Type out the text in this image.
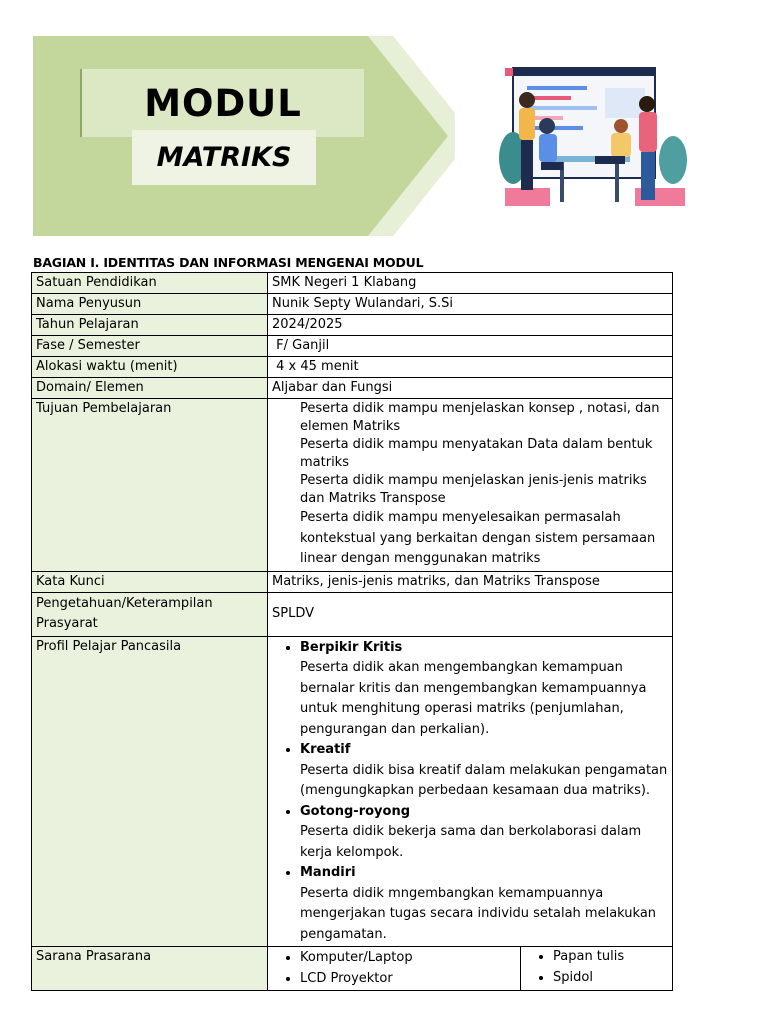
MODUL
MATRIKS
BAGIAN I. IDENTITAS DAN INFORMASI MENGENAI MODUL
Satuan Pendidikan	SMK Negeri 1 Klabang
Nama Penyusun	Nunik Septy Wulandari, S.Si
Tahun Pelajaran	2024/2025
Fase / Semester	F/ Ganjil
Alokasi waktu (menit)	4 x 45 menit
Domain/ Elemen	Aljabar dan Fungsi
Tujuan Pembelajaran	Peserta didik mampu menjelaskan konsep , notasi, dan elemen Matriks
Peserta didik mampu menyatakan Data dalam bentuk matriks
Peserta didik mampu menjelaskan jenis-jenis matriks dan Matriks Transpose
Peserta didik mampu menyelesaikan permasalah kontekstual yang berkaitan dengan sistem persamaan linear dengan menggunakan matriks

Kata Kunci	Matriks, jenis-jenis matriks, dan Matriks Transpose
Pengetahuan/Keterampilan Prasyarat	SPLDV
Profil Pelajar Pancasila	
•Berpikir Kritis
Peserta didik akan mengembangkan kemampuan bernalar kritis dan mengembangkan kemampuannya untuk menghitung operasi matriks (penjumlahan, pengurangan dan perkalian).
• Kreatif
Peserta didik bisa kreatif dalam melakukan pengamatan (mengungkapkan perbedaan kesamaan dua matriks).
• Gotong-royong
Peserta didik bekerja sama dan berkolaborasi dalam kerja kelompok.
• Mandiri
Peserta didik mngembangkan kemampuannya mengerjakan tugas secara individu setalah melakukan pengamatan.

Sarana Prasarana	
•	Komputer/Laptop
• LCD Proyektor

• Papan tulis
• Spidol
